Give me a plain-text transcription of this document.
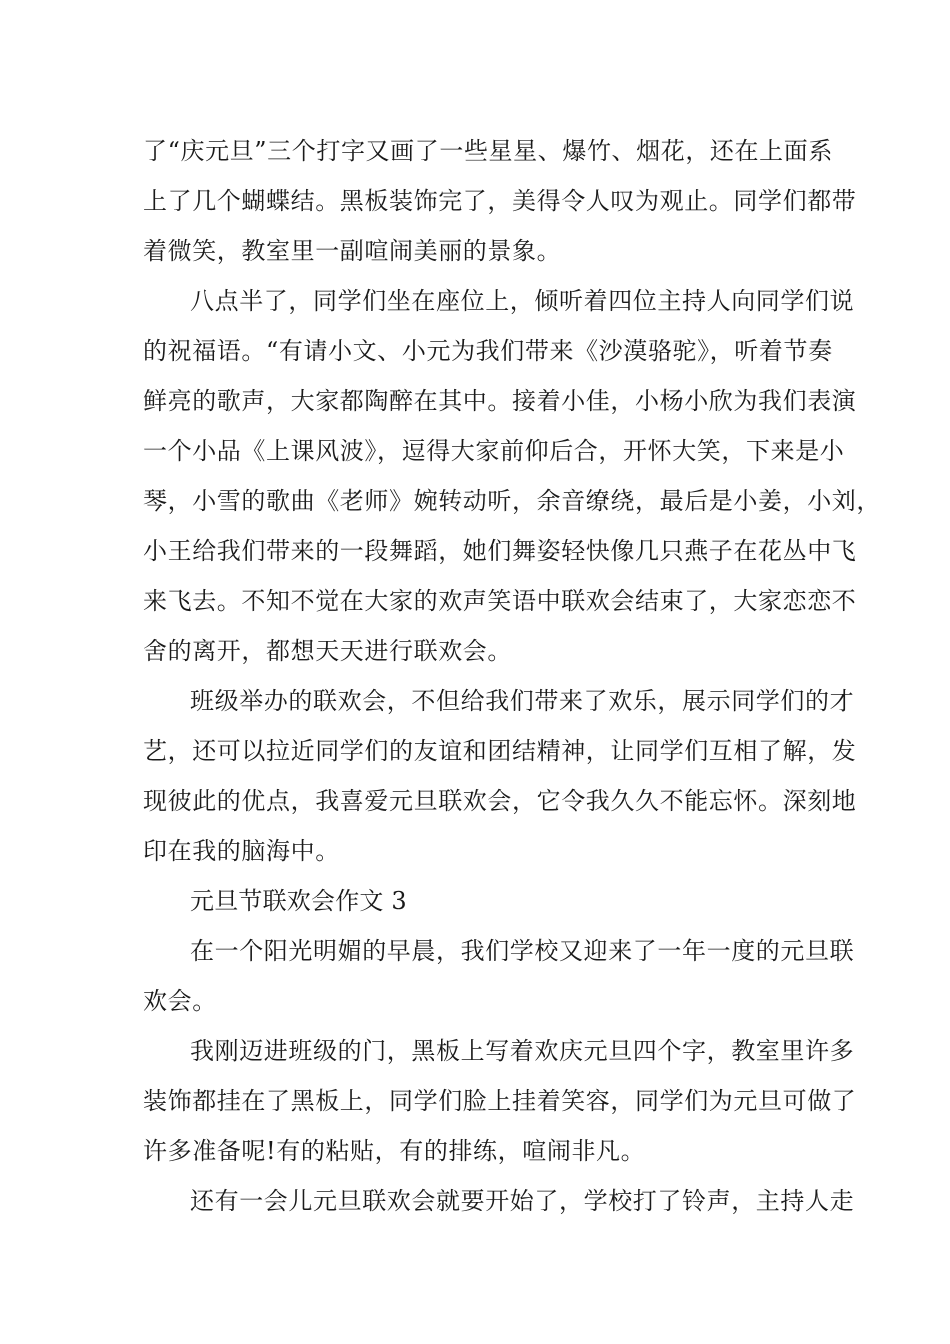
了“庆元旦”三个打字又画了一些星星、爆竹、烟花，还在上面系
上了几个蝴蝶结。黑板装饰完了，美得令人叹为观止。同学们都带
着微笑，教室里一副喧闹美丽的景象。
八点半了，同学们坐在座位上，倾听着四位主持人向同学们说
的祝福语。“有请小文、小元为我们带来《沙漠骆驼》，听着节奏
鲜亮的歌声，大家都陶醉在其中。接着小佳，小杨小欣为我们表演
一个小品《上课风波》，逗得大家前仰后合，开怀大笑，下来是小
琴，小雪的歌曲《老师》婉转动听，余音缭绕，最后是小姜，小刘，
小王给我们带来的一段舞蹈，她们舞姿轻快像几只燕子在花丛中飞
来飞去。不知不觉在大家的欢声笑语中联欢会结束了，大家恋恋不
舍的离开，都想天天进行联欢会。
班级举办的联欢会，不但给我们带来了欢乐，展示同学们的才
艺，还可以拉近同学们的友谊和团结精神，让同学们互相了解，发
现彼此的优点，我喜爱元旦联欢会，它令我久久不能忘怀。深刻地
印在我的脑海中。
元旦节联欢会作文 3
在一个阳光明媚的早晨，我们学校又迎来了一年一度的元旦联
欢会。
我刚迈进班级的门，黑板上写着欢庆元旦四个字，教室里许多
装饰都挂在了黑板上，同学们脸上挂着笑容，同学们为元旦可做了
许多准备呢!有的粘贴，有的排练，喧闹非凡。
还有一会儿元旦联欢会就要开始了，学校打了铃声，主持人走
